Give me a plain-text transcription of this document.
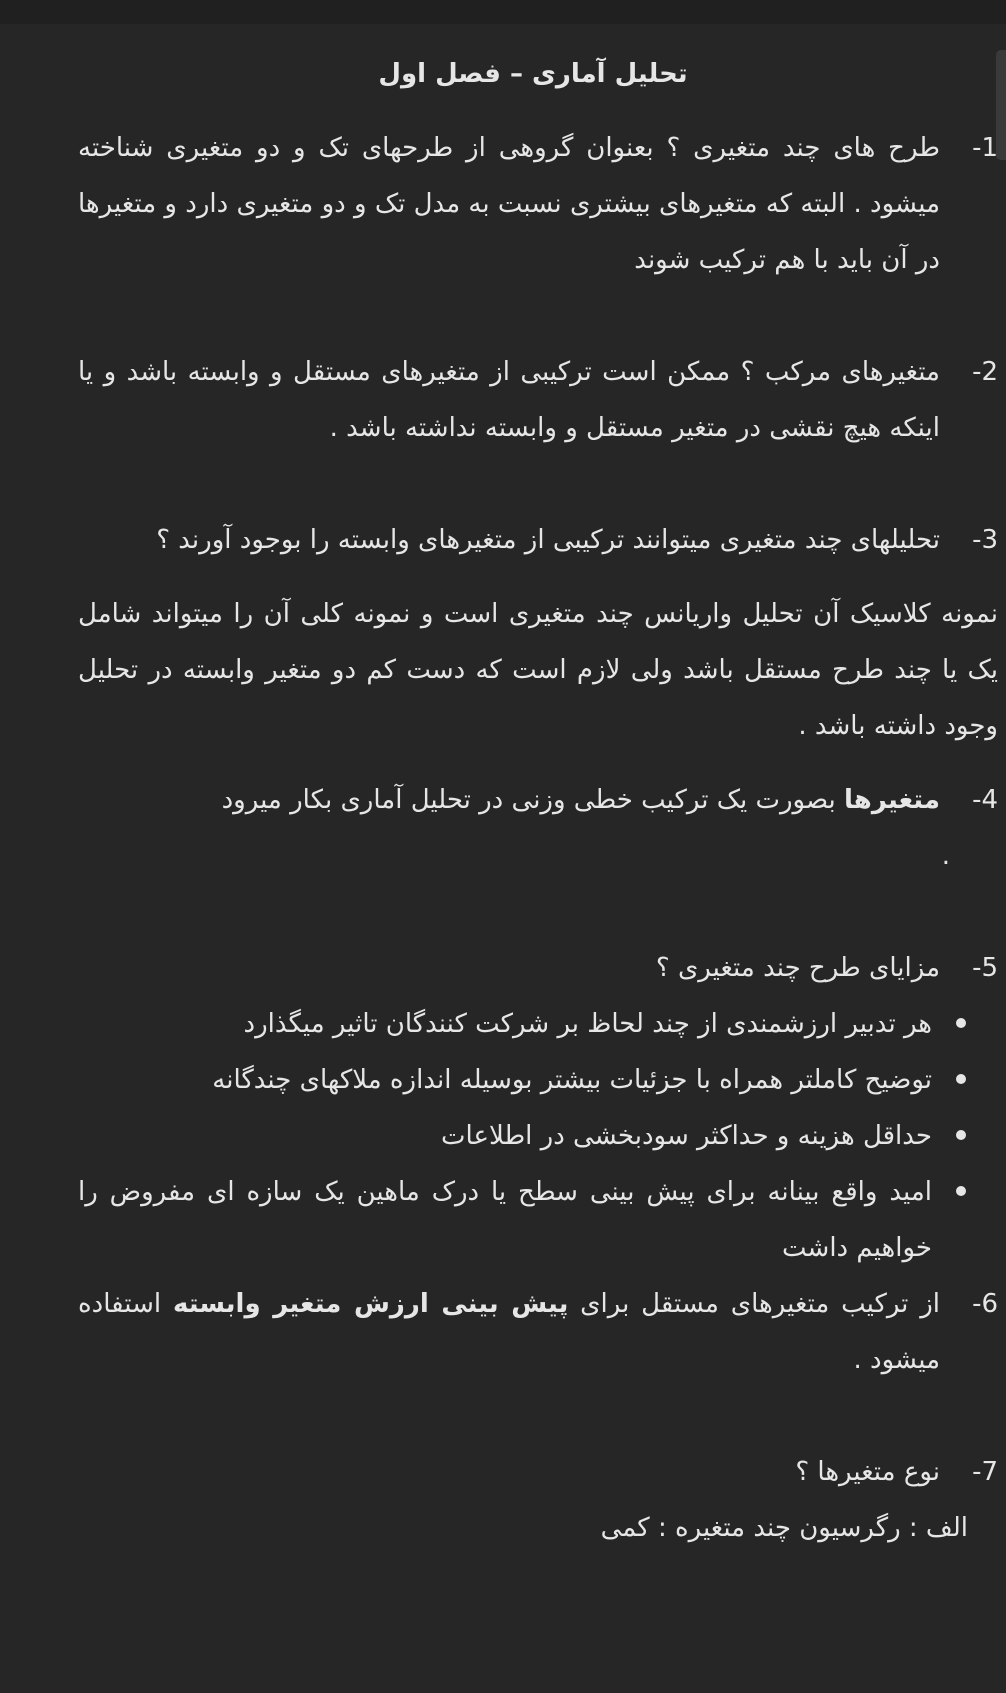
تحلیل آماری – فصل اول
-1
طرح های چند متغیری ؟ بعنوان گروهی از طرحهای تک و دو متغیری شناخته میشود . البته که متغیرهای بیشتری نسبت به مدل تک و دو متغیری دارد و متغیرها در آن باید با هم ترکیب شوند
-2
متغیرهای مرکب ؟ ممکن است ترکیبی از متغیرهای مستقل و وابسته باشد و یا اینکه هیچ نقشی در متغیر مستقل و وابسته نداشته باشد .
-3
تحلیلهای چند متغیری میتوانند ترکیبی از متغیرهای وابسته را بوجود آورند ؟

نمونه کلاسیک آن تحلیل واریانس چند متغیری است و نمونه کلی آن را میتواند شامل یک یا چند طرح مستقل باشد ولی لازم است که دست کم دو متغیر وابسته در تحلیل وجود داشته باشد .

-4
متغیرها بصورت یک ترکیب خطی وزنی در تحلیل آماری بکار میرود
.
-5
مزایای طرح چند متغیری ؟
هر تدبیر ارزشمندی از چند لحاظ بر شرکت کنندگان تاثیر میگذارد
توضیح کاملتر همراه با جزئیات بیشتر بوسیله اندازه ملاکهای چندگانه
حداقل هزینه و حداکثر سودبخشی در اطلاعات
امید واقع بینانه برای پیش بینی سطح یا درک ماهین یک سازه ای مفروض را خواهیم داشت
-6
از ترکیب متغیرهای مستقل برای پیش بینی ارزش متغیر وابسته استفاده میشود .
-7
نوع متغیرها ؟
الف : رگرسیون چند متغیره : کمی
